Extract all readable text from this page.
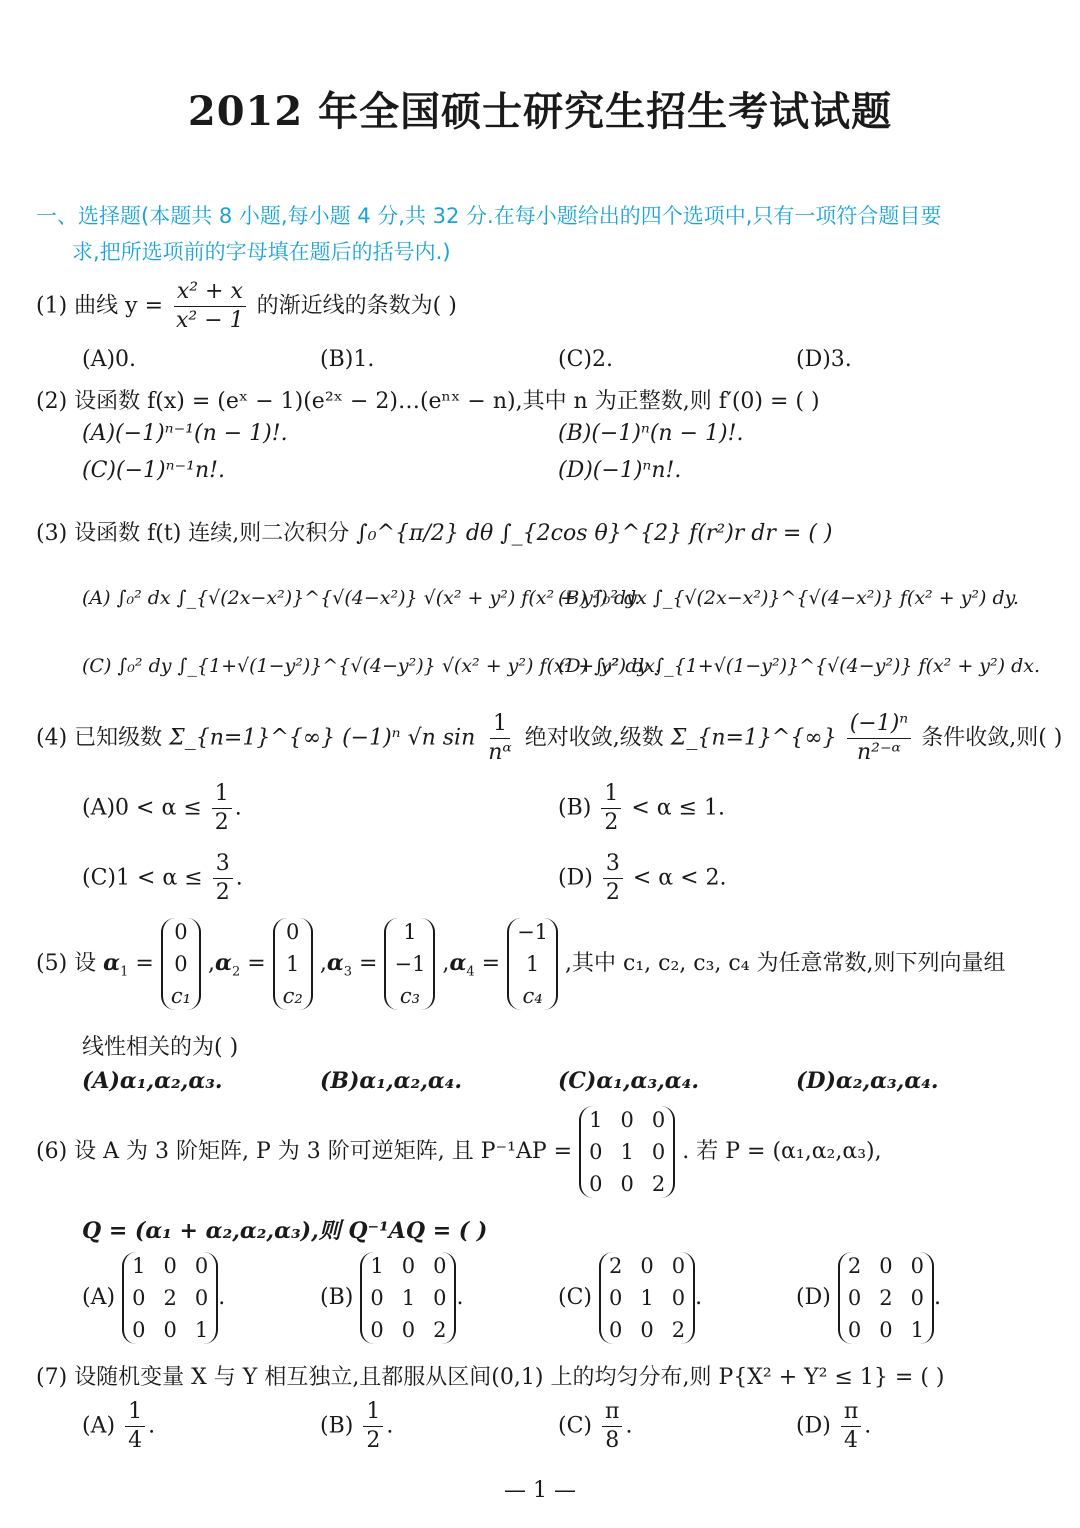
2012 年全国硕士研究生招生考试试题
一、选择题(本题共 8 小题,每小题 4 分,共 32 分.在每小题给出的四个选项中,只有一项符合题目要
求,把所选项前的字母填在题后的括号内.)
(1) 曲线 $y = \frac{\text{x² + x}}{\text{x² − 1}}$ 的渐近线的条数为( )
(A)0.	(B)1.	(C)2.	(D)3.
(2) 设函数 f(x) = (eˣ − 1)(e²ˣ − 2)…(eⁿˣ − n),其中 n 为正整数,则 f′(0) = ( )
(A)(−1)ⁿ⁻¹(n − 1)!.	(B)(−1)ⁿ(n − 1)!.
(C)(−1)ⁿ⁻¹n!.	(D)(−1)ⁿn!.
(3) 设函数 f(t) 连续,则二次积分 ∫₀^{π/2} dθ ∫_{2cos θ}^{2} f(r²)r dr = ( )
(A) ∫₀² dx ∫_{√(2x−x²)}^{√(4−x²)} √(x² + y²) f(x² + y²) dy.
(B) ∫₀² dx ∫_{√(2x−x²)}^{√(4−x²)} f(x² + y²) dy.
(C) ∫₀² dy ∫_{1+√(1−y²)}^{√(4−y²)} √(x² + y²) f(x² + y²) dx.
(D) ∫₀² dy ∫_{1+√(1−y²)}^{√(4−y²)} f(x² + y²) dx.
(4) 已知级数 Σ_{n=1}^{∞} (−1)ⁿ √n $\sin \frac{1}{\text{nᵅ}}$ 绝对收敛,级数 Σ_{n=1}^{∞} $\frac{\text{(−1)ⁿ}}{\text{n²⁻ᵅ}}$ 条件收敛,则( )
$(A)0 < \alpha \le \frac{1}{2}$ .	$(B) \frac{1}{2} < \alpha \le 1$.
$(C)1 < \alpha \le \frac{3}{2}$ .	$(D) \frac{3}{2} < \alpha < 2$.
(5) 设 $\alpha_1$ =
0
0
c₁
$,\alpha_2$ =
0
1
c₂
$,\alpha_3$ =
1
−1
c₃
$,\alpha_4$ =
−1
1
c₄
,其中 c₁, c₂, c₃, c₄ 为任意常数,则下列向量组
线性相关的为( )
(A)α₁,α₂,α₃.	(B)α₁,α₂,α₄.	(C)α₁,α₃,α₄.	(D)α₂,α₃,α₄.
(6) 设 A 为 3 阶矩阵, P 为 3 阶可逆矩阵, 且 P⁻¹AP =
1 0 0
0 1 0
0 0 2
. 若 P = (α₁,α₂,α₃),
Q = (α₁ + α₂,α₂,α₃),则 Q⁻¹AQ = ( )
(A)
1 0 0
0 2 0
0 0 1
.	(B)
1 0 0
0 1 0
0 0 2
.	(C)
2 0 0
0 1 0
0 0 2
.	(D)
2 0 0
0 2 0
0 0 1
.
(7) 设随机变量 X 与 Y 相互独立,且都服从区间(0,1) 上的均匀分布,则 P{X² + Y² ≤ 1} = ( )
$(A) \frac{1}{4}$ .	$(B) \frac{1}{2}$ .	$(C) \frac{\pi}{8}$ .	$(D) \frac{\pi}{4}$ .
— 1 —
